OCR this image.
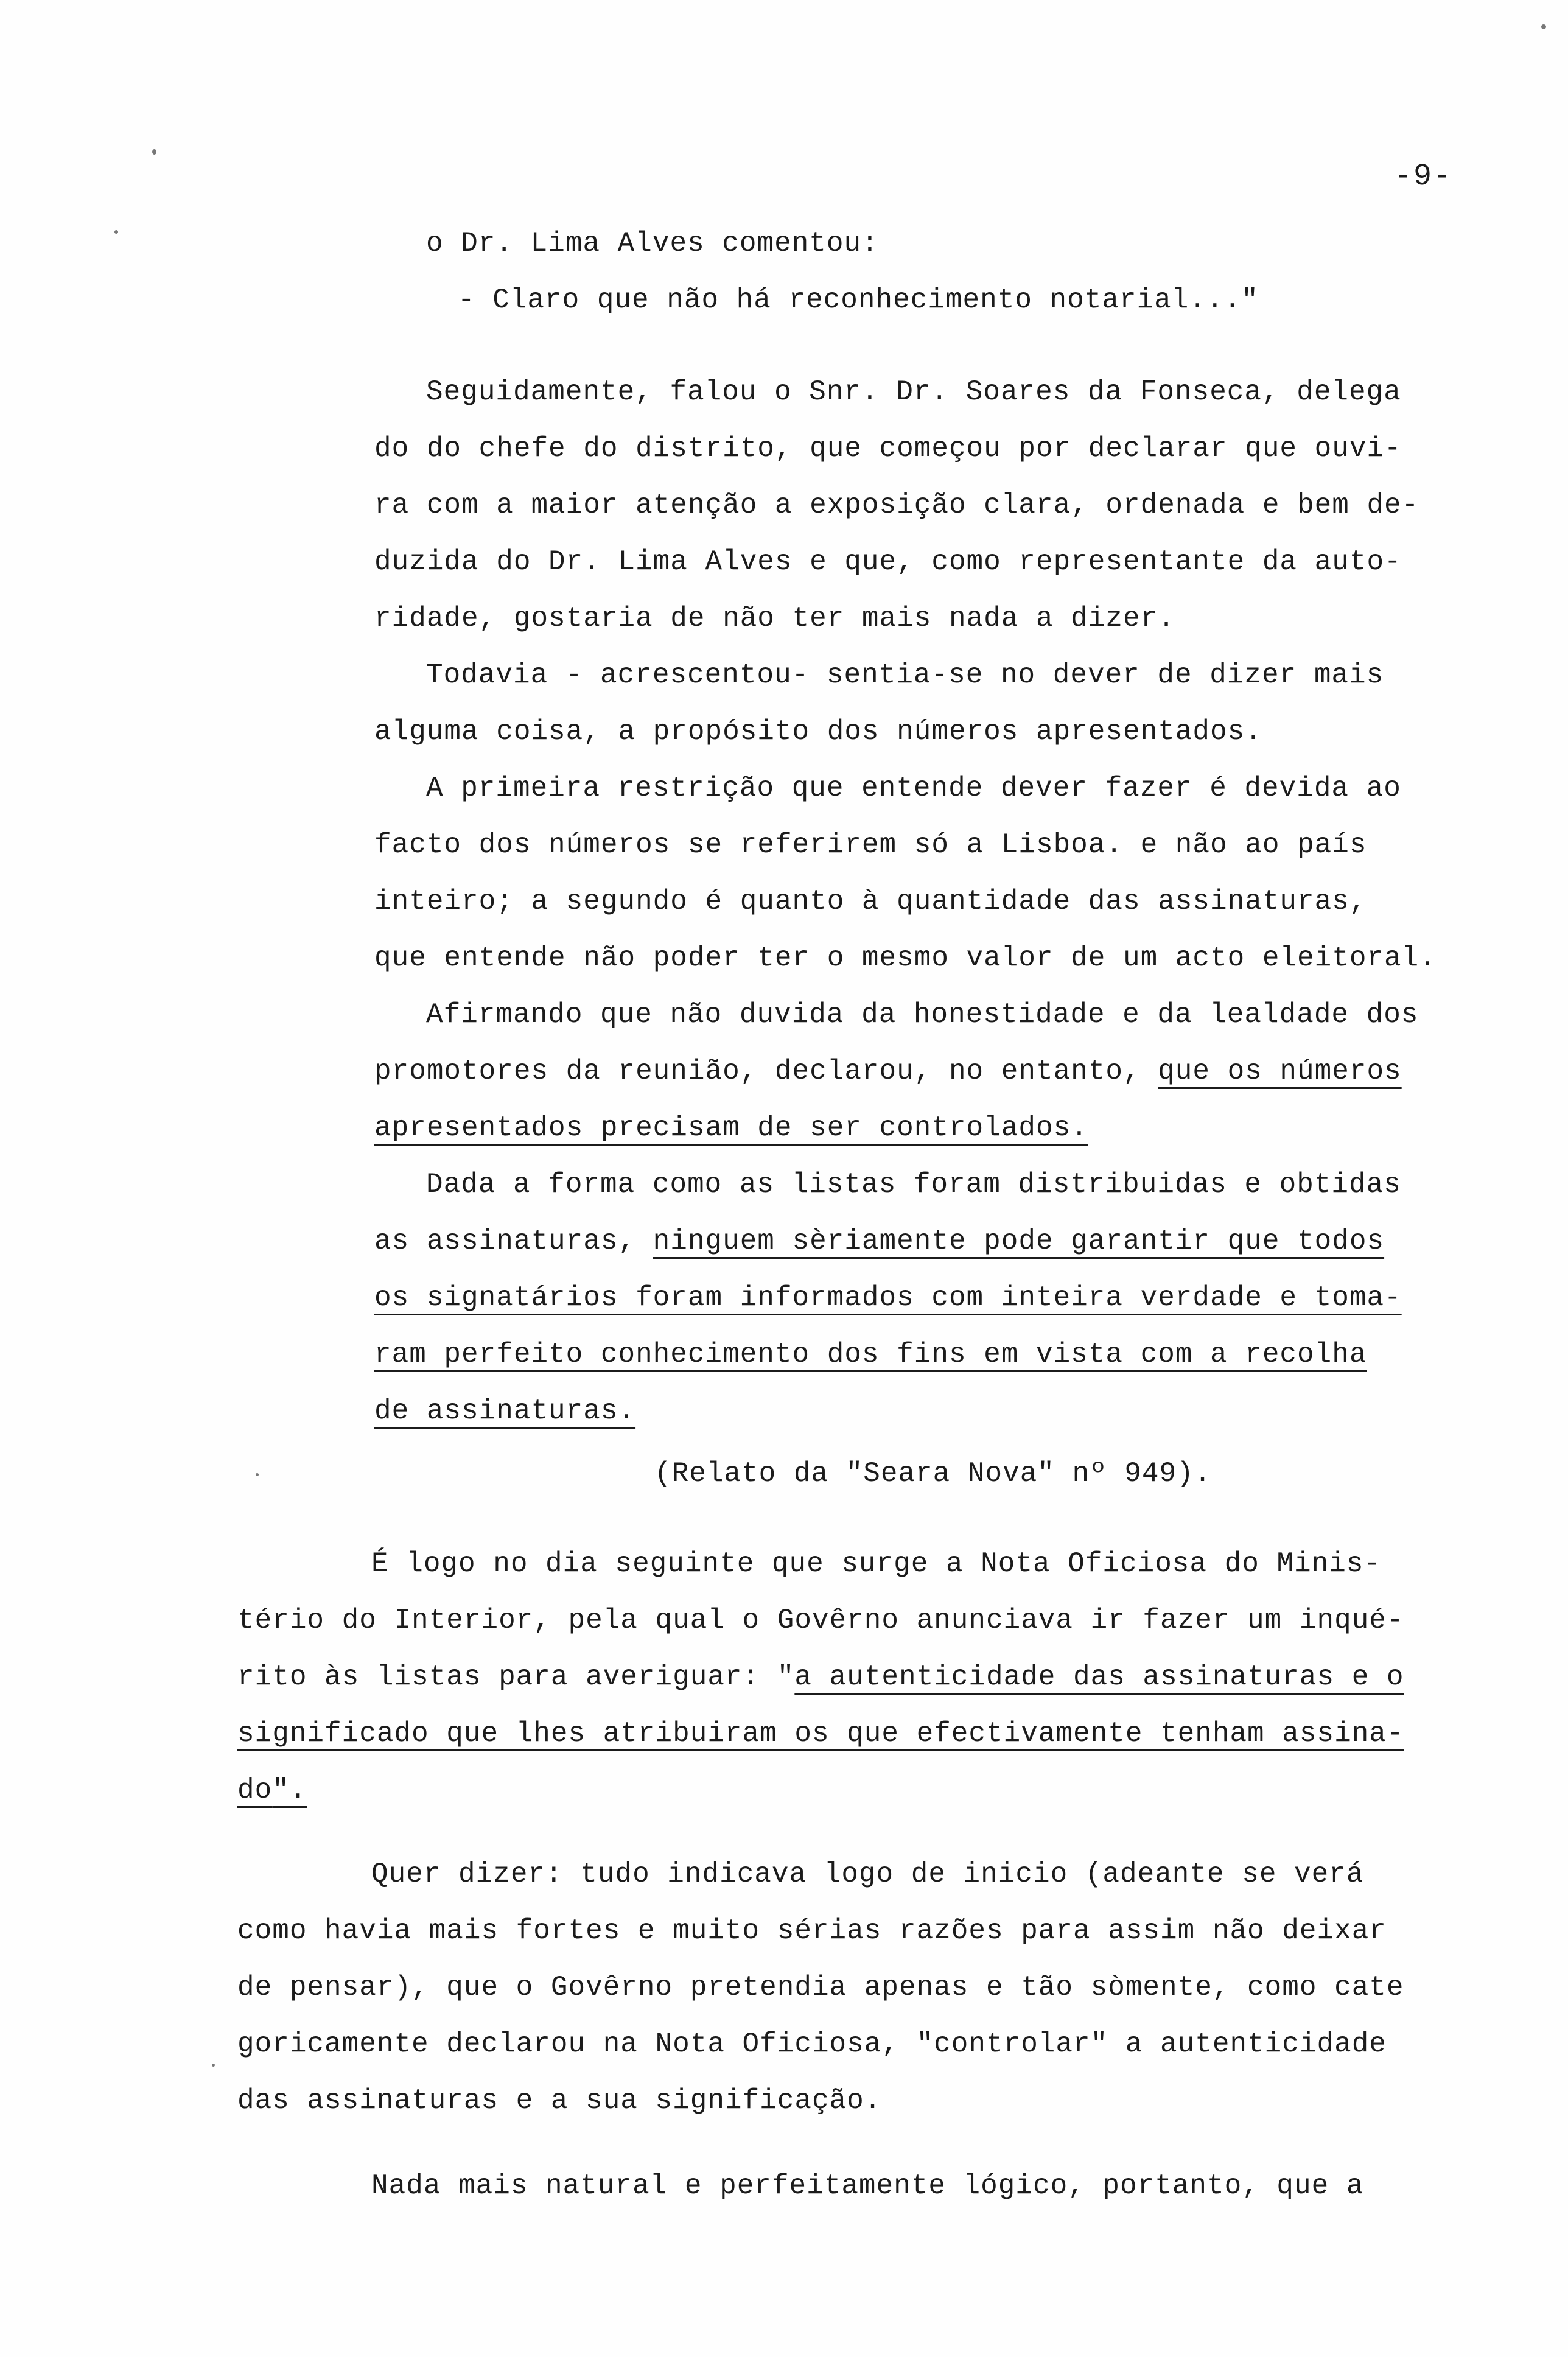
-9-
o Dr. Lima Alves comentou:
- Claro que não há reconhecimento notarial..."
Seguidamente, falou o Snr. Dr. Soares da Fonseca, delega
do do chefe do distrito, que começou por declarar que ouvi-
ra com a maior atenção a exposição clara, ordenada e bem de-
duzida do Dr. Lima Alves e que, como representante da auto-
ridade, gostaria de não ter mais nada a dizer.
Todavia - acrescentou- sentia-se no dever de dizer mais
alguma coisa, a propósito dos números apresentados.
A primeira restrição que entende dever fazer é devida ao
facto dos números se referirem só a Lisboa. e não ao país
inteiro; a segundo é quanto à quantidade das assinaturas,
que entende não poder ter o mesmo valor de um acto eleitoral.
Afirmando que não duvida da honestidade e da lealdade dos
promotores da reunião, declarou, no entanto, que os números
apresentados precisam de ser controlados.
Dada a forma como as listas foram distribuidas e obtidas
as assinaturas, ninguem sèriamente pode garantir que todos
os signatários foram informados com inteira verdade e toma-
ram perfeito conhecimento dos fins em vista com a recolha
de assinaturas.
(Relato da "Seara Nova" nº 949).
É logo no dia seguinte que surge a Nota Oficiosa do Minis-
tério do Interior, pela qual o Govêrno anunciava ir fazer um inqué-
rito às listas para averiguar: "a autenticidade das assinaturas e o
significado que lhes atribuiram os que efectivamente tenham assina-
do".
Quer dizer: tudo indicava logo de inicio (adeante se verá
como havia mais fortes e muito sérias razões para assim não deixar
de pensar), que o Govêrno pretendia apenas e tão sòmente, como cate
goricamente declarou na Nota Oficiosa, "controlar" a autenticidade
das assinaturas e a sua significação.
Nada mais natural e perfeitamente lógico, portanto, que a
